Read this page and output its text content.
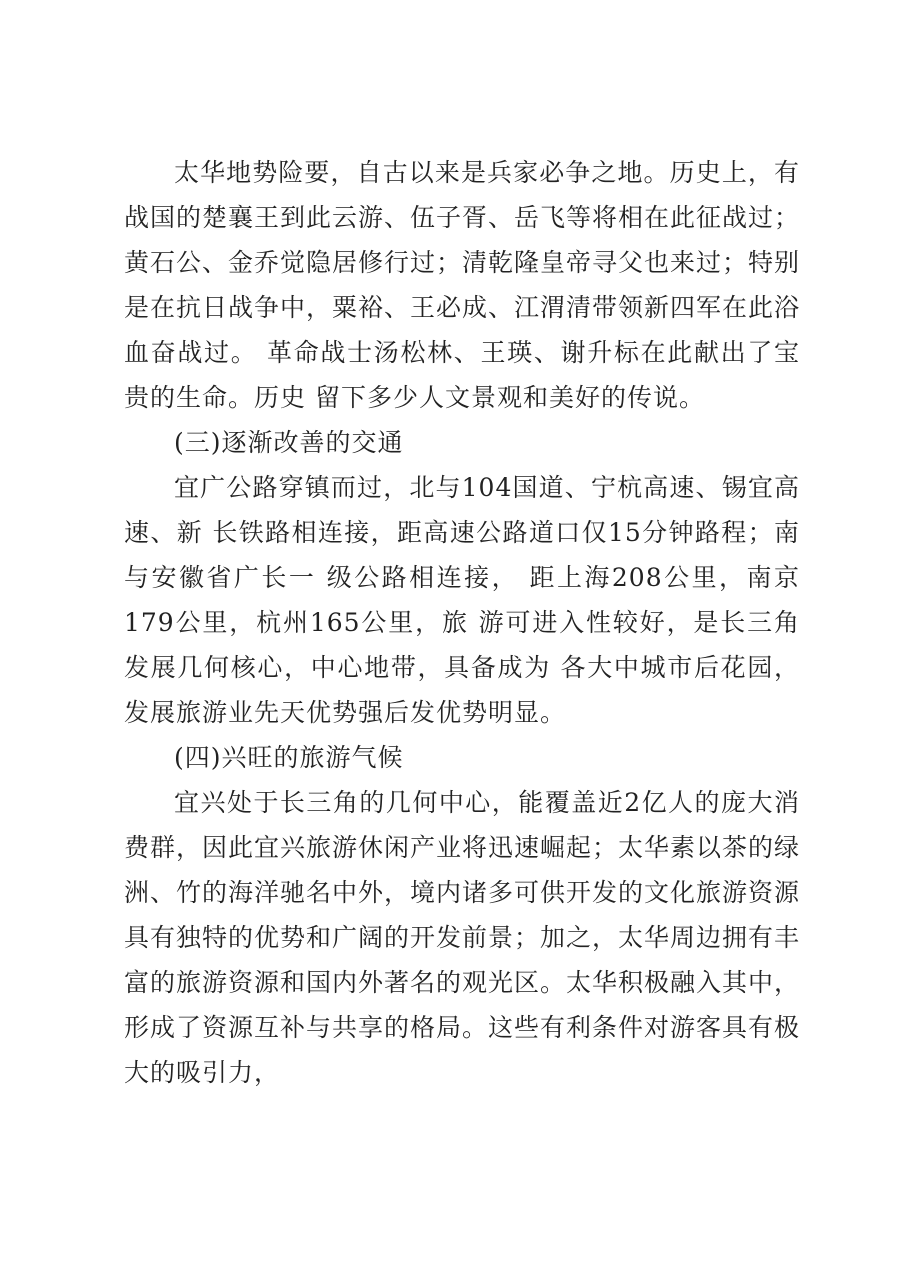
太华地势险要，自古以来是兵家必争之地。历史上，有战国的楚襄王到此云游、伍子胥、岳飞等将相在此征战过；黄石公、金乔觉隐居修行过；清乾隆皇帝寻父也来过；特别是在抗日战争中，粟裕、王必成、江渭清带领新四军在此浴血奋战过。 革命战士汤松林、王瑛、谢升标在此献出了宝贵的生命。历史 留下多少人文景观和美好的传说。

(三)逐渐改善的交通

宜广公路穿镇而过，北与104国道、宁杭高速、锡宜高速、新 长铁路相连接，距高速公路道口仅15分钟路程；南与安徽省广长一 级公路相连接， 距上海208公里，南京179公里，杭州165公里，旅 游可进入性较好，是长三角发展几何核心，中心地带，具备成为 各大中城市后花园，发展旅游业先天优势强后发优势明显。

(四)兴旺的旅游气候

宜兴处于长三角的几何中心，能覆盖近2亿人的庞大消费群，因此宜兴旅游休闲产业将迅速崛起；太华素以茶的绿洲、竹的海洋驰名中外，境内诸多可供开发的文化旅游资源具有独特的优势和广阔的开发前景；加之，太华周边拥有丰富的旅游资源和国内外著名的观光区。太华积极融入其中，形成了资源互补与共享的格局。这些有利条件对游客具有极大的吸引力，
